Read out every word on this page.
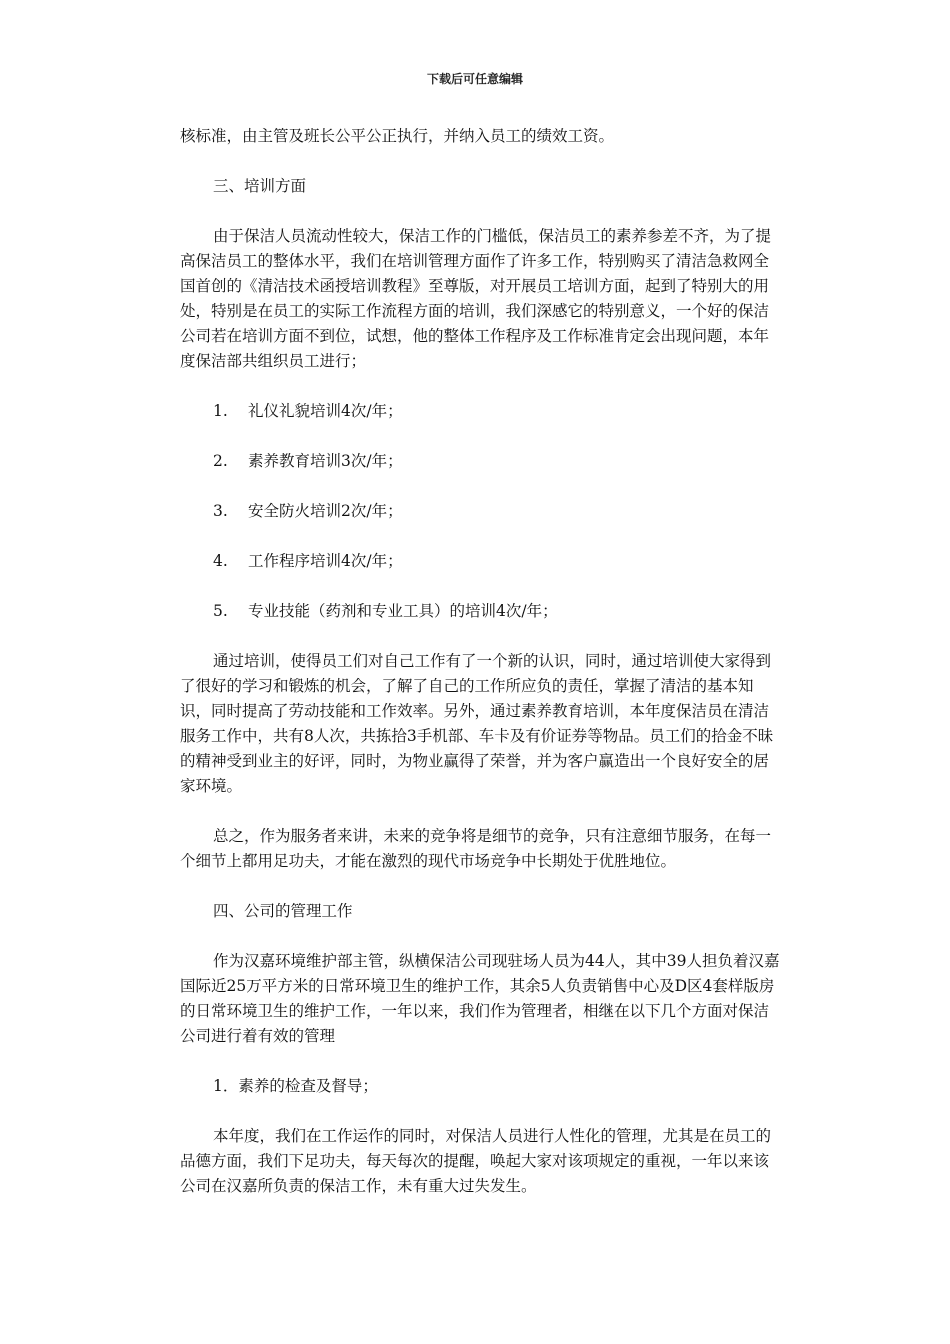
下载后可任意编辑

核标准，由主管及班长公平公正执行，并纳入员工的绩效工资。

三、培训方面

由于保洁人员流动性较大，保洁工作的门槛低，保洁员工的素养参差不齐，为了提高保洁员工的整体水平，我们在培训管理方面作了许多工作，特别购买了清洁急救网全国首创的《清洁技术函授培训教程》至尊版，对开展员工培训方面，起到了特别大的用处，特别是在员工的实际工作流程方面的培训，我们深感它的特别意义，一个好的保洁公司若在培训方面不到位，试想，他的整体工作程序及工作标准肯定会出现问题，本年度保洁部共组织员工进行；

1. 礼仪礼貌培训4次/年；

2. 素养教育培训3次/年；

3. 安全防火培训2次/年；

4. 工作程序培训4次/年；

5. 专业技能（药剂和专业工具）的培训4次/年；

通过培训，使得员工们对自己工作有了一个新的认识，同时，通过培训使大家得到了很好的学习和锻炼的机会，了解了自己的工作所应负的责任，掌握了清洁的基本知识，同时提高了劳动技能和工作效率。另外，通过素养教育培训，本年度保洁员在清洁服务工作中，共有8人次，共拣拾3手机部、车卡及有价证券等物品。员工们的拾金不昧的精神受到业主的好评，同时，为物业赢得了荣誉，并为客户赢造出一个良好安全的居家环境。

总之，作为服务者来讲，未来的竞争将是细节的竞争，只有注意细节服务，在每一个细节上都用足功夫，才能在激烈的现代市场竞争中长期处于优胜地位。

四、公司的管理工作

作为汉嘉环境维护部主管，纵横保洁公司现驻场人员为44人，其中39人担负着汉嘉国际近25万平方米的日常环境卫生的维护工作，其余5人负责销售中心及D区4套样版房的日常环境卫生的维护工作，一年以来，我们作为管理者，相继在以下几个方面对保洁公司进行着有效的管理

1．素养的检查及督导；

本年度，我们在工作运作的同时，对保洁人员进行人性化的管理，尤其是在员工的品德方面，我们下足功夫，每天每次的提醒，唤起大家对该项规定的重视，一年以来该公司在汉嘉所负责的保洁工作，未有重大过失发生。
